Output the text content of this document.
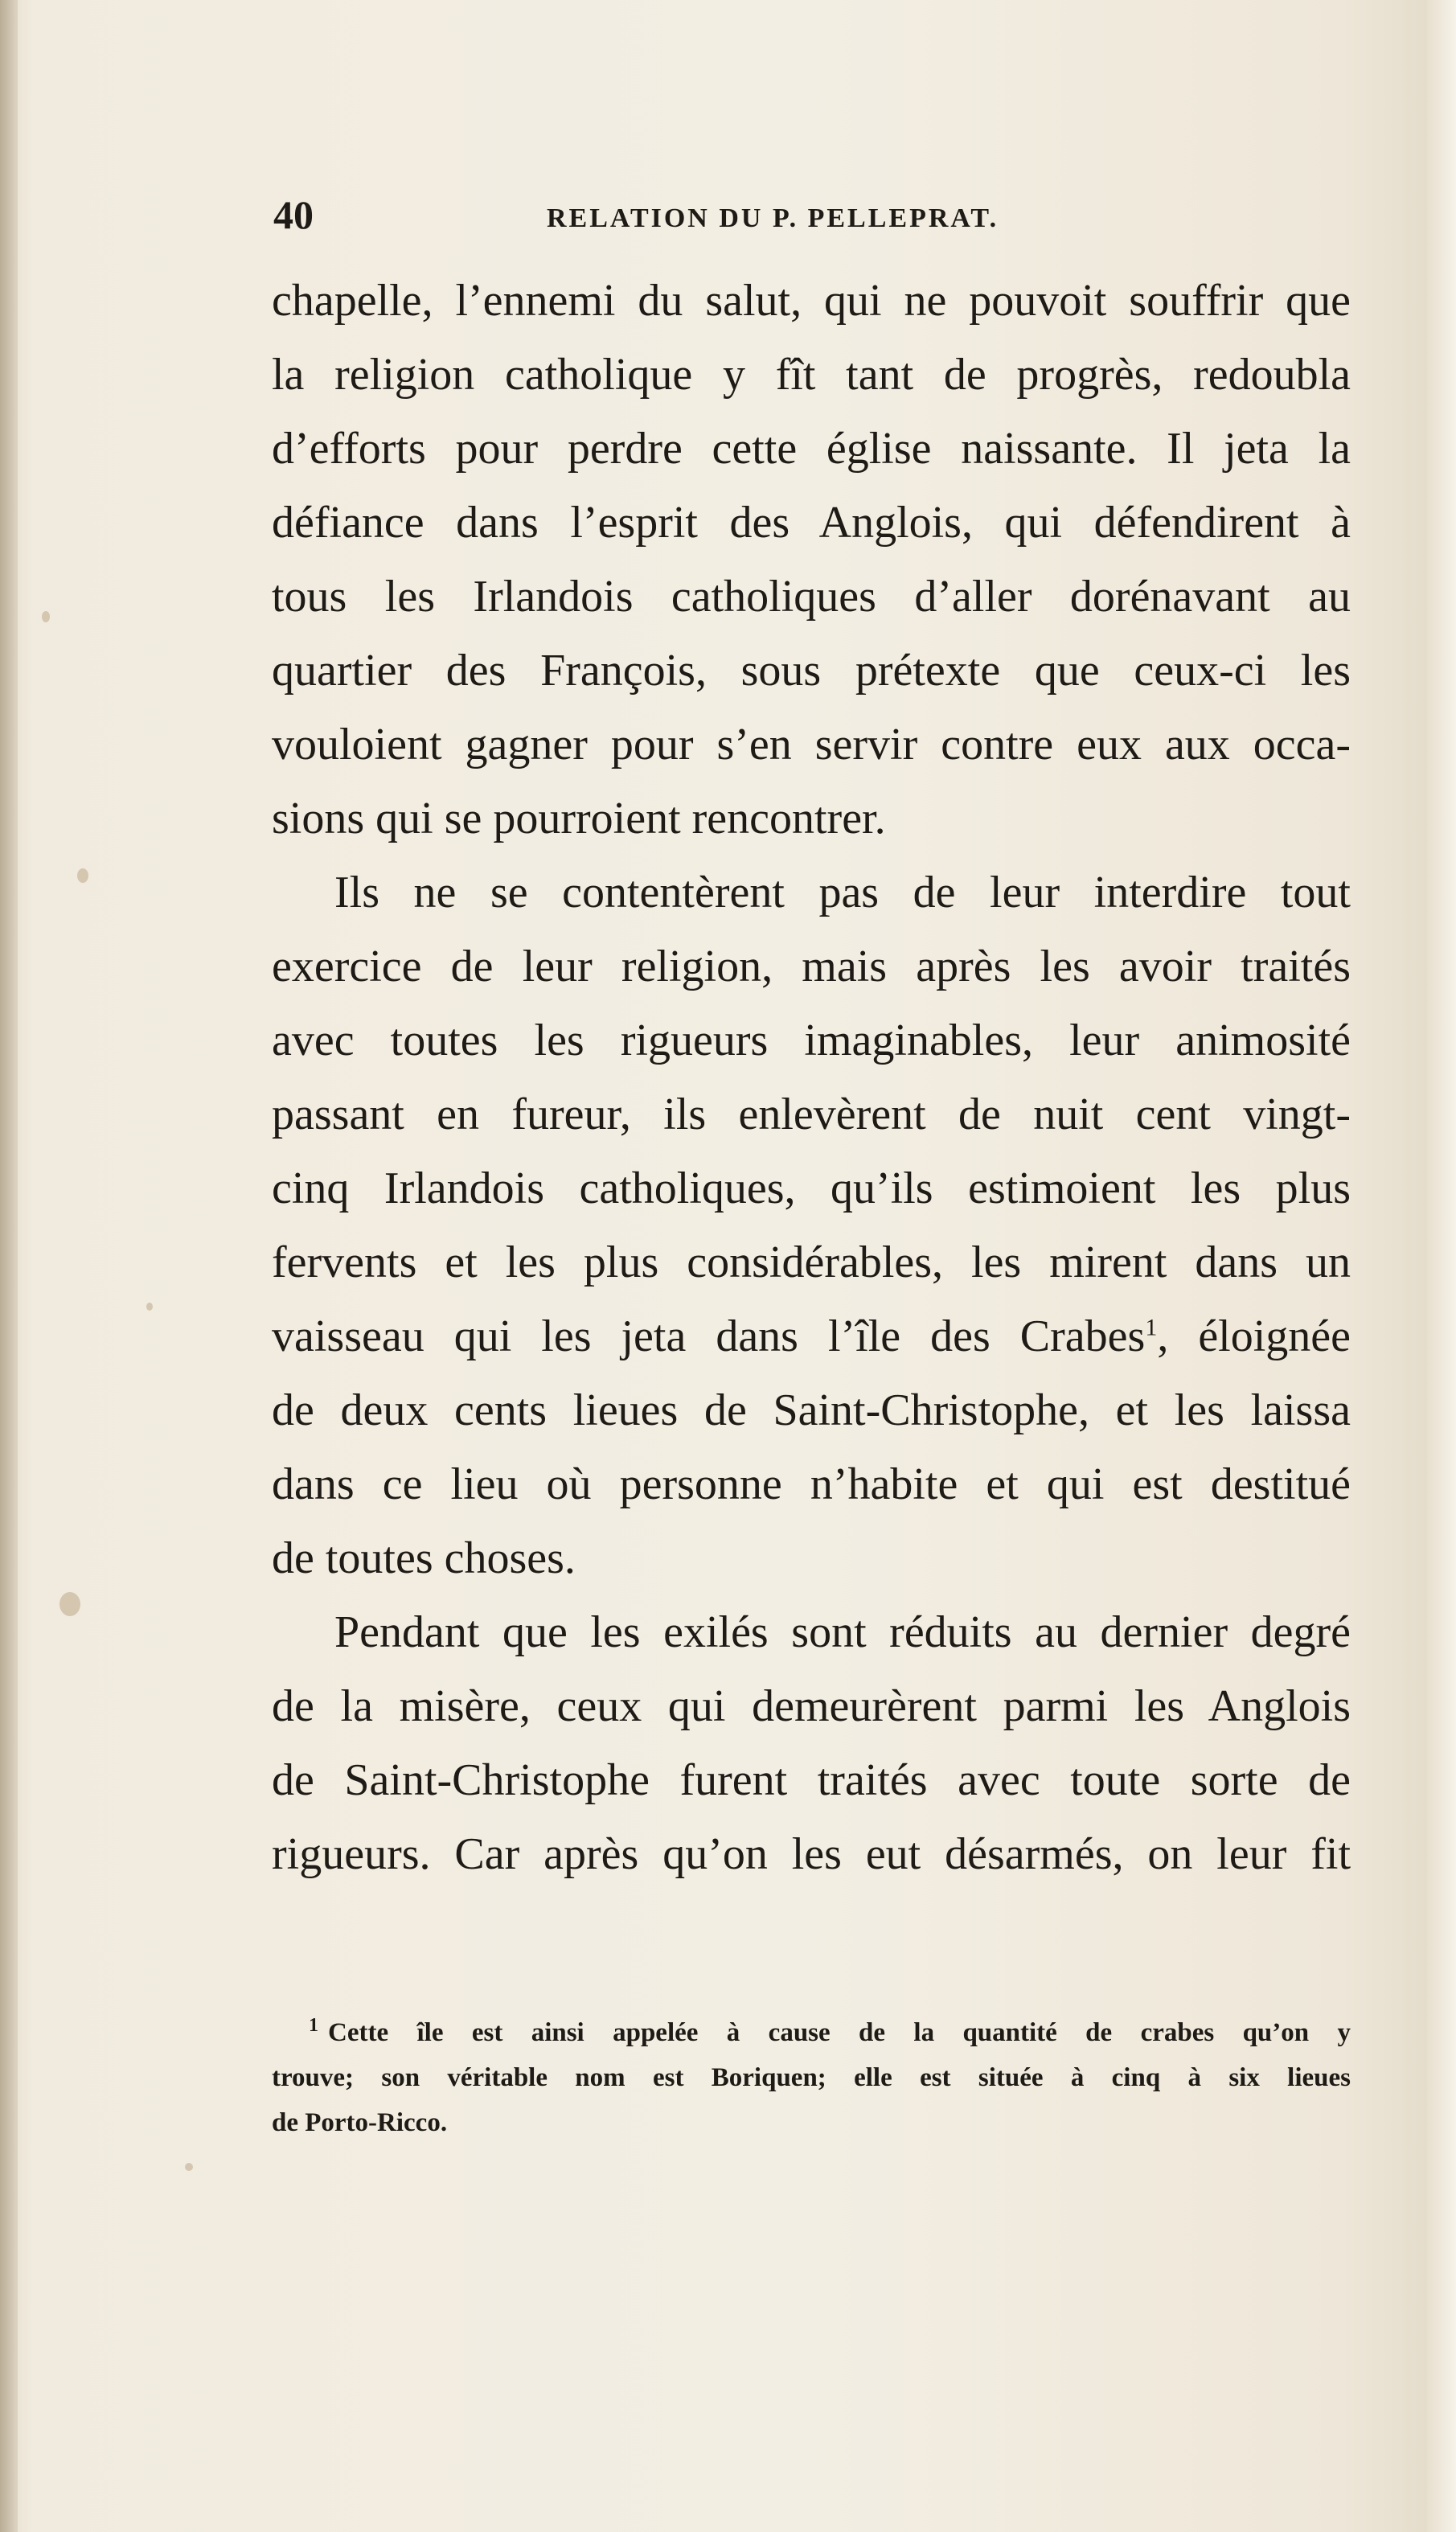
40	RELATION DU P. PELLEPRAT.
chapelle, l’ennemi du salut, qui ne pouvoit souffrir que
la religion catholique y fît tant de progrès, redoubla
d’efforts pour perdre cette église naissante. Il jeta la
défiance dans l’esprit des Anglois, qui défendirent à
tous les Irlandois catholiques d’aller dorénavant au
quartier des François, sous prétexte que ceux-ci les
vouloient gagner pour s’en servir contre eux aux occa-
sions qui se pourroient rencontrer.
Ils ne se contentèrent pas de leur interdire tout
exercice de leur religion, mais après les avoir traités
avec toutes les rigueurs imaginables, leur animosité
passant en fureur, ils enlevèrent de nuit cent vingt-
cinq Irlandois catholiques, qu’ils estimoient les plus
fervents et les plus considérables, les mirent dans un
vaisseau qui les jeta dans l’île des Crabes$^1$, éloignée
de deux cents lieues de Saint-Christophe, et les laissa
dans ce lieu où personne n’habite et qui est destitué
de toutes choses.
Pendant que les exilés sont réduits au dernier degré
de la misère, ceux qui demeurèrent parmi les Anglois
de Saint-Christophe furent traités avec toute sorte de
rigueurs. Car après qu’on les eut désarmés, on leur fit
$^1$ Cette île est ainsi appelée à cause de la quantité de crabes qu’on y
trouve; son véritable nom est Boriquen; elle est située à cinq à six lieues
de Porto-Ricco.
